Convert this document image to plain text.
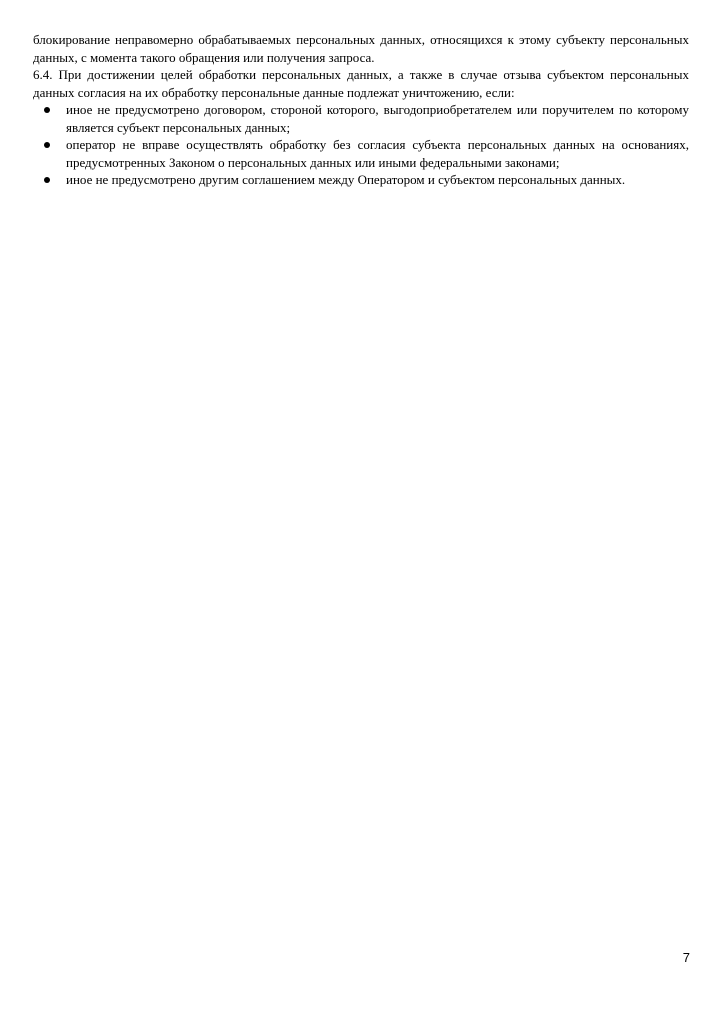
блокирование неправомерно обрабатываемых персональных данных, относящихся к этому субъекту персональных данных, с момента такого обращения или получения запроса.

6.4. При достижении целей обработки персональных данных, а также в случае отзыва субъектом персональных данных согласия на их обработку персональные данные подлежат уничтожению, если:

иное не предусмотрено договором, стороной которого, выгодоприобретателем или поручителем по которому является субъект персональных данных;
оператор не вправе осуществлять обработку без согласия субъекта персональных данных на основаниях, предусмотренных Законом о персональных данных или иными федеральными законами;
иное не предусмотрено другим соглашением между Оператором и субъектом персональных данных.
7
